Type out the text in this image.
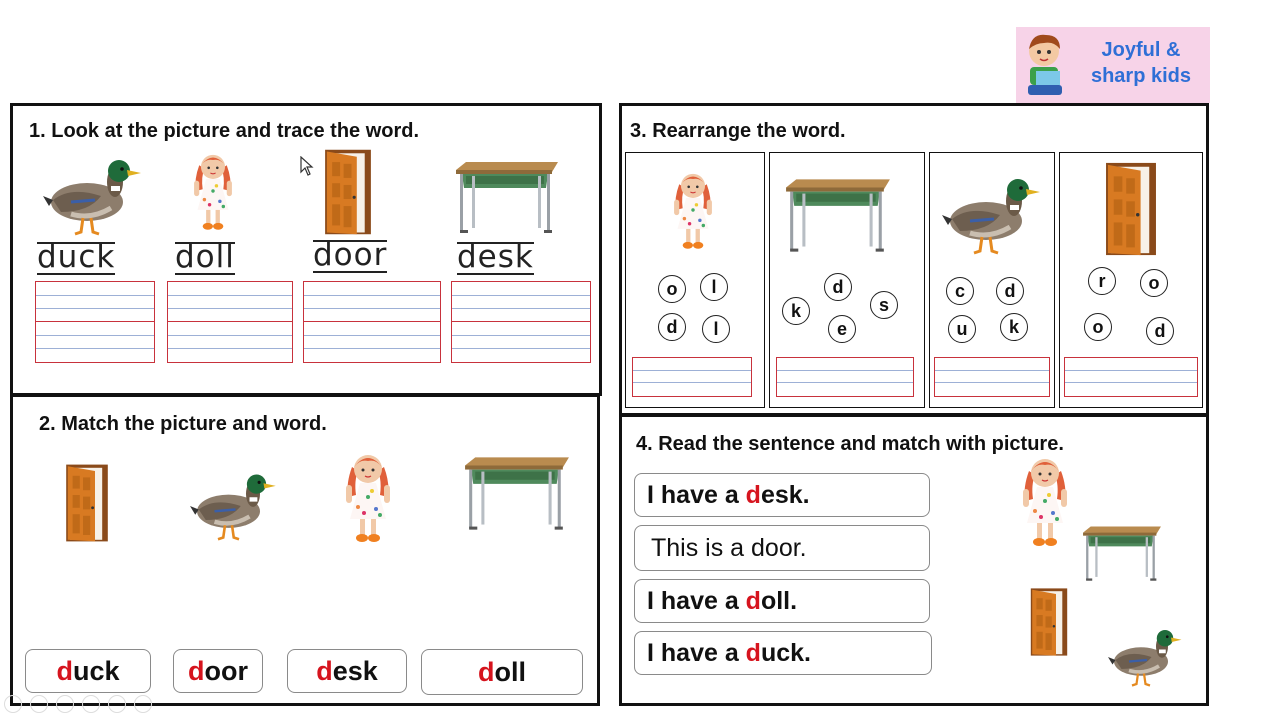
Joyful &
sharp kids
1. Look at the picture and trace the word.
duck doll	door desk
2. Match the picture and word.
d uck	d oor	d esk	d oll
3. Rearrange the word.
o	l
d	l
d
k	s
e
c	d
u	k
r	o
o	d
4. Read the sentence and match with picture.
I have a d esk.
This is a door.
I have a d oll.
I have a d uck.
